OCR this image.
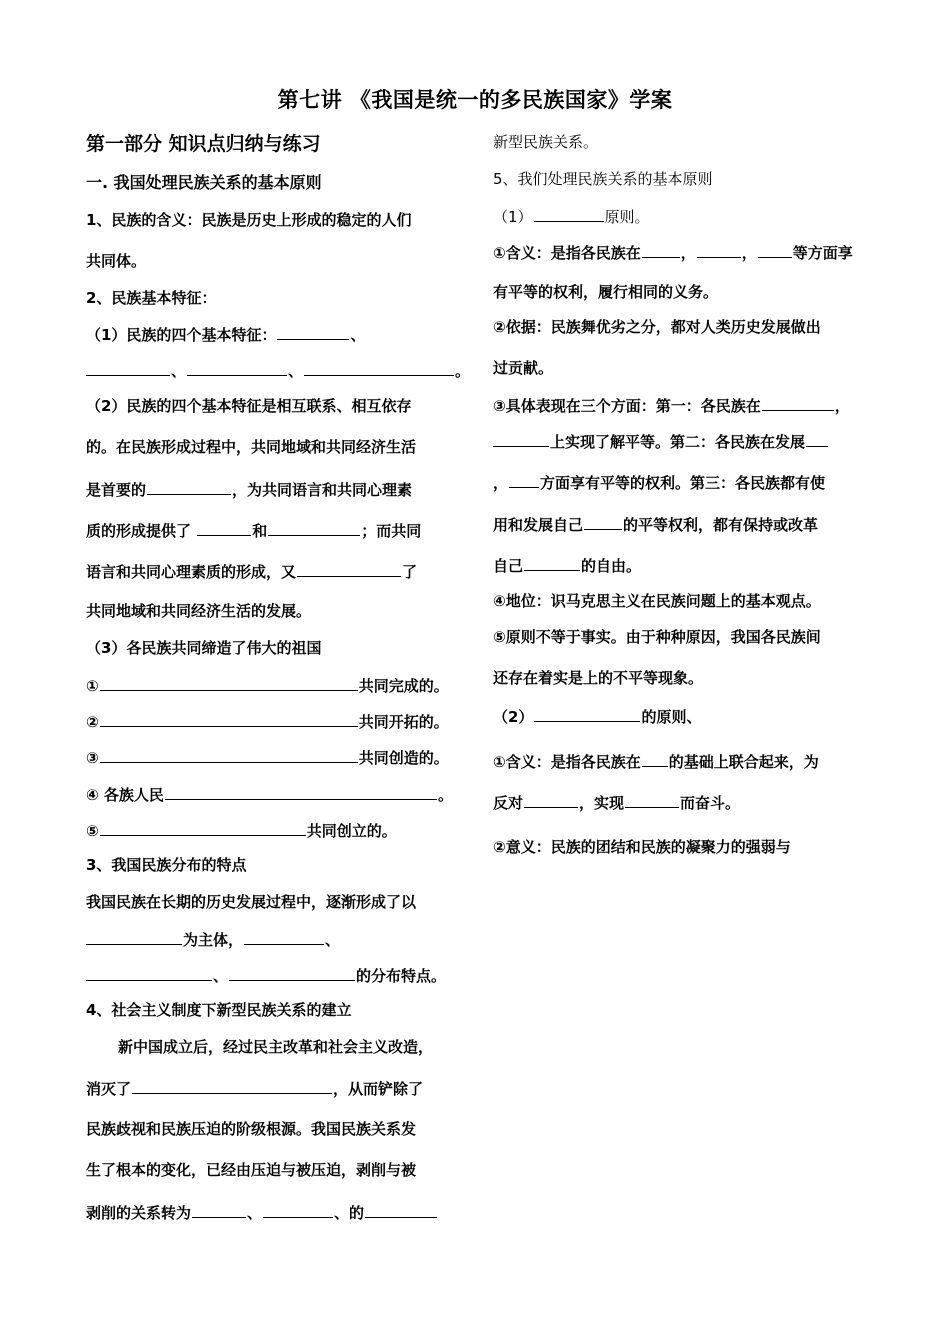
第七讲 《我国是统一的多民族国家》学案
第一部分 知识点归纳与练习
一. 我国处理民族关系的基本原则
1、民族的含义：民族是历史上形成的稳定的人们
共同体。
2、民族基本特征：
（1）民族的四个基本特征：	、
、	、	。
（2）民族的四个基本特征是相互联系、相互依存
的。在民族形成过程中，共同地域和共同经济生活
是首要的	，为共同语言和共同心理素
质的形成提供了	和	；而共同
语言和共同心理素质的形成，又	了
共同地域和共同经济生活的发展。
（3）各民族共同缔造了伟大的祖国
①	共同完成的。
②	共同开拓的。
③	共同创造的。
④ 各族人民	。
⑤	共同创立的。
3、我国民族分布的特点
我国民族在长期的历史发展过程中，逐渐形成了以
为主体，	、
、	的分布特点。
4、社会主义制度下新型民族关系的建立
新中国成立后，经过民主改革和社会主义改造，
消灭了	，从而铲除了
民族歧视和民族压迫的阶级根源。我国民族关系发
生了根本的变化，已经由压迫与被压迫，剥削与被
剥削的关系转为	、	、的
新型民族关系。
5、我们处理民族关系的基本原则
（1）	原则。
①含义：是指各民族在	，	， 等方面享
有平等的权利，履行相同的义务。
②依据：民族舞优劣之分，都对人类历史发展做出
过贡献。
③具体表现在三个方面：第一：各民族在	，
上实现了解平等。第二：各民族在发展
， 方面享有平等的权利。第三：各民族都有使
用和发展自己	的平等权利，都有保持或改革
自己	的自由。
④地位：识马克思主义在民族问题上的基本观点。
⑤原则不等于事实。由于种种原因，我国各民族间
还存在着实是上的不平等现象。
（2）	的原则、
①含义：是指各民族在 的基础上联合起来，为
反对	，实现	而奋斗。
②意义：民族的团结和民族的凝聚力的强弱与
